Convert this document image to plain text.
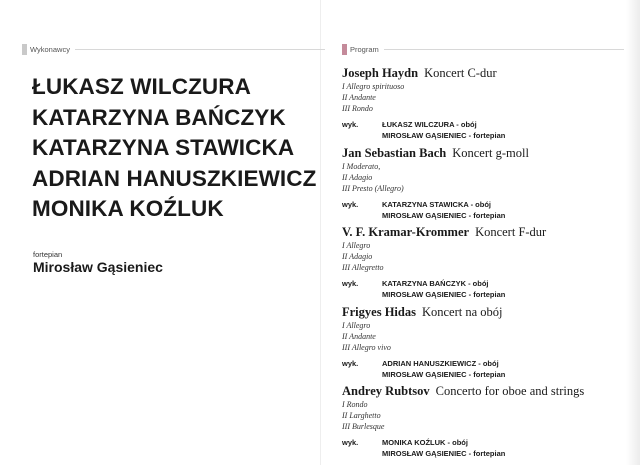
Wykonawcy
ŁUKASZ WILCZURA
KATARZYNA BAŃCZYK
KATARZYNA STAWICKA
ADRIAN HANUSZKIEWICZ
MONIKA KOŹLUK
fortepian
Mirosław Gąsieniec
Program
Joseph Haydn Koncert C-dur
I Allegro spirituoso
II Andante
III Rondo
wyk.	ŁUKASZ WILCZURA - obój
MIROSŁAW GĄSIENIEC - fortepian
Jan Sebastian Bach Koncert g-moll
I Moderato,
II Adagio
III Presto (Allegro)
wyk.	KATARZYNA STAWICKA - obój
MIROSŁAW GĄSIENIEC - fortepian
V. F. Kramar-Krommer Koncert F-dur
I Allegro
II Adagio
III Allegretto
wyk.	KATARZYNA BAŃCZYK - obój
MIROSŁAW GĄSIENIEC - fortepian
Frigyes Hidas Koncert na obój
I Allegro
II Andante
III Allegro vivo
wyk.	ADRIAN HANUSZKIEWICZ - obój
MIROSŁAW GĄSIENIEC - fortepian
Andrey Rubtsov Concerto for oboe and strings
I Rondo
II Larghetto
III Burlesque
wyk.	MONIKA KOŹLUK - obój
MIROSŁAW GĄSIENIEC - fortepian
